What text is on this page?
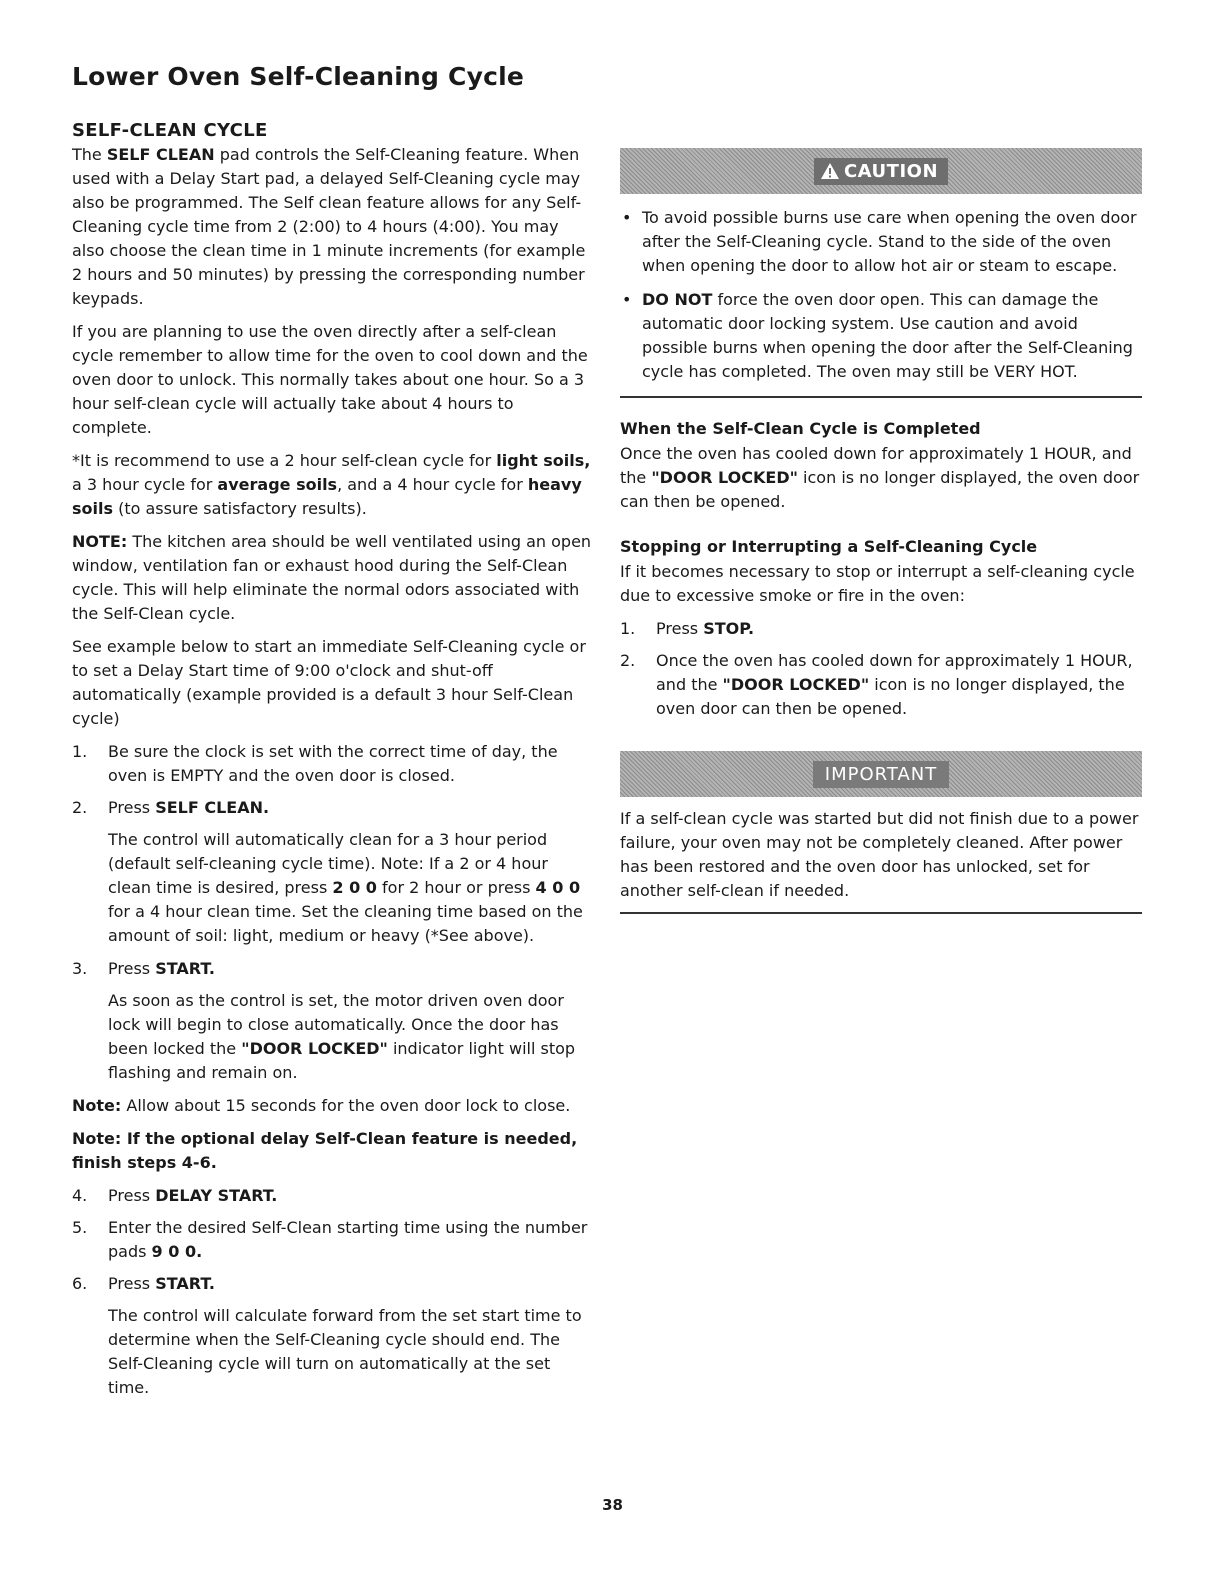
Lower Oven Self-Cleaning Cycle
SELF-CLEAN CYCLE

The SELF CLEAN pad controls the Self-Cleaning feature. When used with a Delay Start pad, a delayed Self-Cleaning cycle may also be programmed. The Self clean feature allows for any Self-Cleaning cycle time from 2 (2:00) to 4 hours (4:00). You may also choose the clean time in 1 minute increments (for example 2 hours and 50 minutes) by pressing the corresponding number keypads.

If you are planning to use the oven directly after a self-clean cycle remember to allow time for the oven to cool down and the oven door to unlock. This normally takes about one hour. So a 3 hour self-clean cycle will actually take about 4 hours to complete.

*It is recommend to use a 2 hour self-clean cycle for light soils, a 3 hour cycle for average soils, and a 4 hour cycle for heavy soils (to assure satisfactory results).

NOTE: The kitchen area should be well ventilated using an open window, ventilation fan or exhaust hood during the Self-Clean cycle. This will help eliminate the normal odors associated with the Self-Clean cycle.

See example below to start an immediate Self-Cleaning cycle or to set a Delay Start time of 9:00 o'clock and shut-off automatically (example provided is a default 3 hour Self-Clean cycle)

1. Be sure the clock is set with the correct time of day, the oven is EMPTY and the oven door is closed.
2. Press SELF CLEAN.
The control will automatically clean for a 3 hour period (default self-cleaning cycle time). Note: If a 2 or 4 hour clean time is desired, press 2 0 0 for 2 hour or press 4 0 0 for a 4 hour clean time. Set the cleaning time based on the amount of soil: light, medium or heavy (*See above).
3. Press START.
As soon as the control is set, the motor driven oven door lock will begin to close automatically. Once the door has been locked the "DOOR LOCKED" indicator light will stop flashing and remain on.

Note: Allow about 15 seconds for the oven door lock to close.

Note: If the optional delay Self-Clean feature is needed, finish steps 4-6.

4. Press DELAY START.
5. Enter the desired Self-Clean starting time using the number pads 9 0 0.
6. Press START.
The control will calculate forward from the set start time to determine when the Self-Cleaning cycle should end. The Self-Cleaning cycle will turn on automatically at the set time.
CAUTION
• To avoid possible burns use care when opening the oven door after the Self-Cleaning cycle. Stand to the side of the oven when opening the door to allow hot air or steam to escape.
• DO NOT force the oven door open. This can damage the automatic door locking system. Use caution and avoid possible burns when opening the door after the Self-Cleaning cycle has completed. The oven may still be VERY HOT.
When the Self-Clean Cycle is Completed

Once the oven has cooled down for approximately 1 HOUR, and the "DOOR LOCKED" icon is no longer displayed, the oven door can then be opened.

Stopping or Interrupting a Self-Cleaning Cycle

If it becomes necessary to stop or interrupt a self-cleaning cycle due to excessive smoke or fire in the oven:

1. Press STOP.
2. Once the oven has cooled down for approximately 1 HOUR, and the "DOOR LOCKED" icon is no longer displayed, the oven door can then be opened.
IMPORTANT

If a self-clean cycle was started but did not finish due to a power failure, your oven may not be completely cleaned. After power has been restored and the oven door has unlocked, set for another self-clean if needed.

38
